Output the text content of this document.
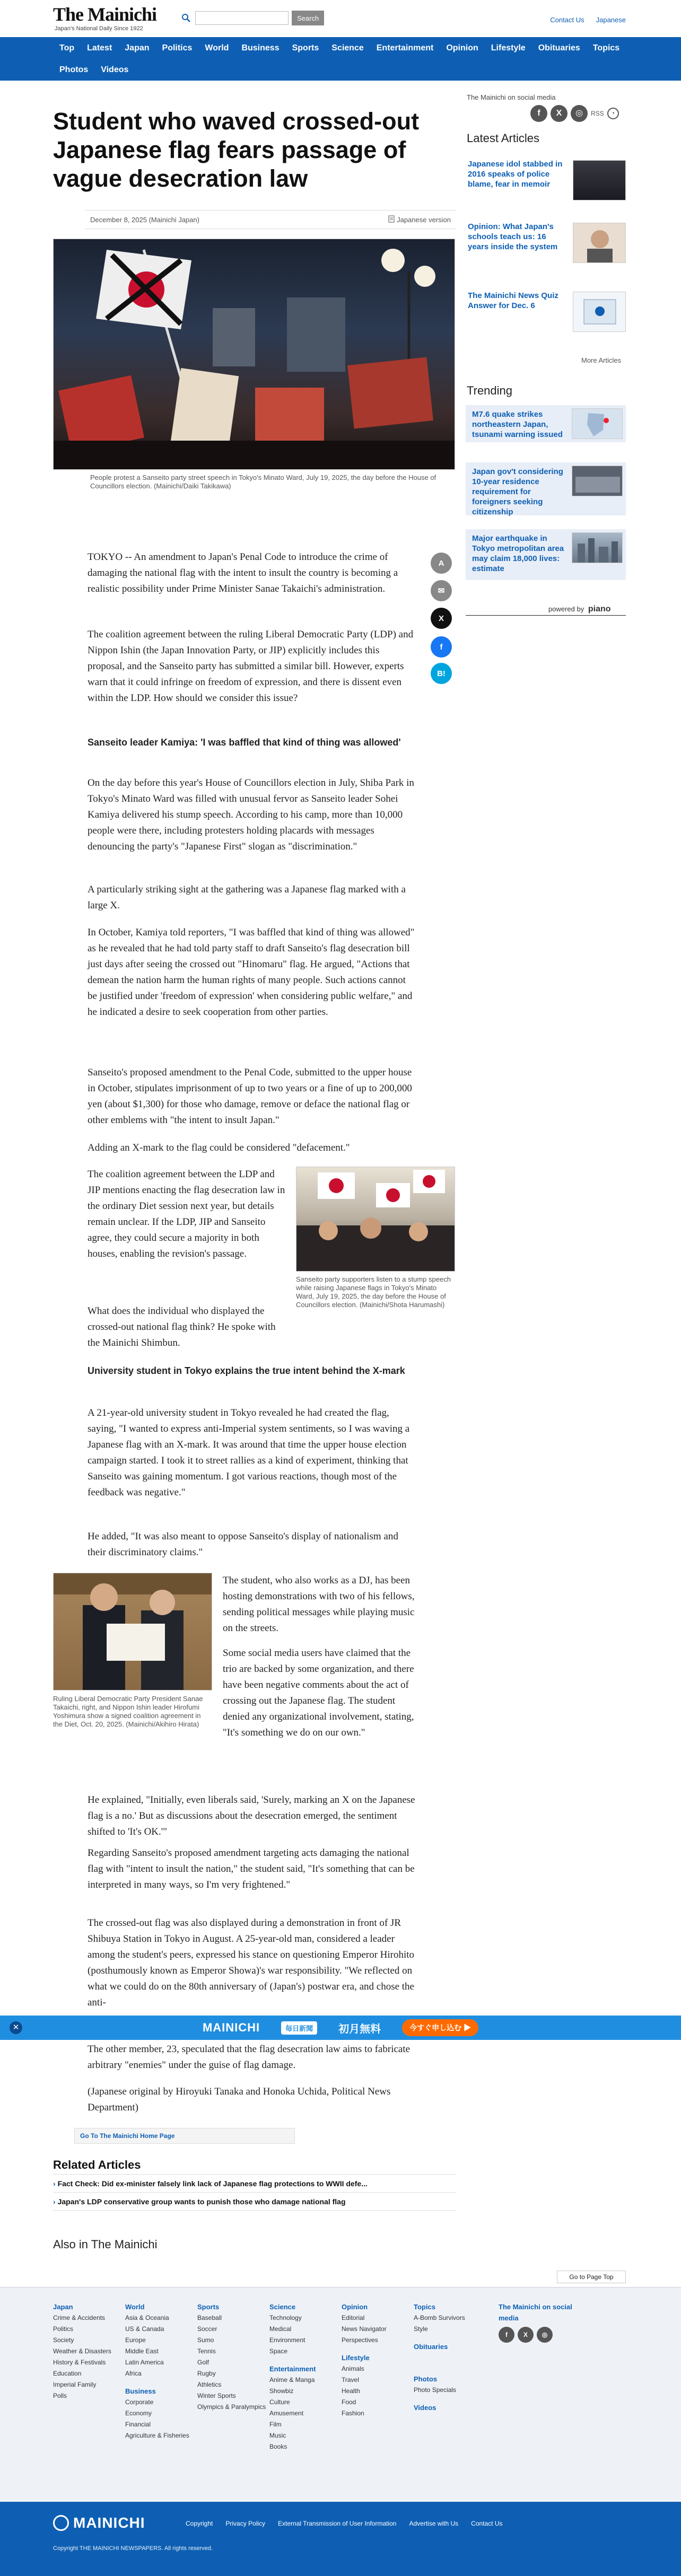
The Mainichi
Japan's National Daily Since 1922
Search	Contact Us Japanese
Top	Latest	Japan	Politics	World	Business	Sports	Science	Entertainment	Opinion	Lifestyle	Obituaries	Topics
Photos	Videos
Student who waved crossed-out Japanese flag fears passage of vague desecration law
December 8, 2025 (Mainichi Japan)	Japanese version
People protest a Sanseito party street speech in Tokyo's Minato Ward, July 19, 2025, the day before the House of Councillors election. (Mainichi/Daiki Takikawa)
A
✉
X
f
B!

TOKYO -- An amendment to Japan's Penal Code to introduce the crime of damaging the national flag with the intent to insult the country is becoming a realistic possibility under Prime Minister Sanae Takaichi's administration.

The coalition agreement between the ruling Liberal Democratic Party (LDP) and Nippon Ishin (the Japan Innovation Party, or JIP) explicitly includes this proposal, and the Sanseito party has submitted a similar bill. However, experts warn that it could infringe on freedom of expression, and there is dissent even within the LDP. How should we consider this issue?

Sanseito leader Kamiya: 'I was baffled that kind of thing was allowed'

On the day before this year's House of Councillors election in July, Shiba Park in Tokyo's Minato Ward was filled with unusual fervor as Sanseito leader Sohei Kamiya delivered his stump speech. According to his camp, more than 10,000 people were there, including protesters holding placards with messages denouncing the party's "Japanese First" slogan as "discrimination."

A particularly striking sight at the gathering was a Japanese flag marked with a large X.

In October, Kamiya told reporters, "I was baffled that kind of thing was allowed" as he revealed that he had told party staff to draft Sanseito's flag desecration bill just days after seeing the crossed out "Hinomaru" flag. He argued, "Actions that demean the nation harm the human rights of many people. Such actions cannot be justified under 'freedom of expression' when considering public welfare," and he indicated a desire to seek cooperation from other parties.

Sanseito's proposed amendment to the Penal Code, submitted to the upper house in October, stipulates imprisonment of up to two years or a fine of up to 200,000 yen (about $1,300) for those who damage, remove or deface the national flag or other emblems with "the intent to insult Japan."

Adding an X-mark to the flag could be considered "defacement."

The coalition agreement between the LDP and JIP mentions enacting the flag desecration law in the ordinary Diet session next year, but details remain unclear. If the LDP, JIP and Sanseito agree, they could secure a majority in both houses, enabling the revision's passage.

Sanseito party supporters listen to a stump speech while raising Japanese flags in Tokyo's Minato Ward, July 19, 2025, the day before the House of Councillors election. (Mainichi/Shota Harumashi)

What does the individual who displayed the crossed-out national flag think? He spoke with the Mainichi Shimbun.

University student in Tokyo explains the true intent behind the X-mark

A 21-year-old university student in Tokyo revealed he had created the flag, saying, "I wanted to express anti-Imperial system sentiments, so I was waving a Japanese flag with an X-mark. It was around that time the upper house election campaign started. I took it to street rallies as a kind of experiment, thinking that Sanseito was gaining momentum. I got various reactions, though most of the feedback was negative."

He added, "It was also meant to oppose Sanseito's display of nationalism and their discriminatory claims."

Ruling Liberal Democratic Party President Sanae Takaichi, right, and Nippon Ishin leader Hirofumi Yoshimura show a signed coalition agreement in the Diet, Oct. 20, 2025. (Mainichi/Akihiro Hirata)

The student, who also works as a DJ, has been hosting demonstrations with two of his fellows, sending political messages while playing music on the streets.

Some social media users have claimed that the trio are backed by some organization, and there have been negative comments about the act of crossing out the Japanese flag. The student denied any organizational involvement, stating, "It's something we do on our own."

He explained, "Initially, even liberals said, 'Surely, marking an X on the Japanese flag is a no.' But as discussions about the desecration emerged, the sentiment shifted to 'It's OK.'"

Regarding Sanseito's proposed amendment targeting acts damaging the national flag with "intent to insult the nation," the student said, "It's something that can be interpreted in many ways, so I'm very frightened."

The crossed-out flag was also displayed during a demonstration in front of JR Shibuya Station in Tokyo in August. A 25-year-old man, considered a leader among the student's peers, expressed his stance on questioning Emperor Hirohito (posthumously known as Emperor Showa)'s war responsibility. "We reflected on what we could do on the 80th anniversary of (Japan's) postwar era, and chose the anti-

✕	MAINICHI	毎日新聞	初月無料	今すぐ申し込む ▶

The other member, 23, speculated that the flag desecration law aims to fabricate arbitrary "enemies" under the guise of flag damage.

(Japanese original by Hiroyuki Tanaka and Honoka Uchida, Political News Department)

Go To The Mainichi Home Page
Related Articles
› Fact Check: Did ex-minister falsely link lack of Japanese flag protections to WWII defe...
› Japan's LDP conservative group wants to punish those who damage national flag
Also in The Mainichi
Go to Page Top
The Mainichi on social media
f	X	◎	RSS	◔
Latest Articles
Japanese idol stabbed in 2016 speaks of police blame, fear in memoir
Opinion: What Japan's schools teach us: 16 years inside the system
The Mainichi News Quiz Answer for Dec. 6
More Articles
Trending
M7.6 quake strikes northeastern Japan, tsunami warning issued
Japan gov't considering 10-year residence requirement for foreigners seeking citizenship
Major earthquake in Tokyo metropolitan area may claim 18,000 lives: estimate
powered by piano
Japan
Crime & Accidents
Politics
Society
Weather & Disasters
History & Festivals
Education
Imperial Family
Polls
World
Asia & Oceania
US & Canada
Europe
Middle East
Latin America
Africa
Business
Corporate
Economy
Financial
Agriculture & Fisheries
Sports
Baseball
Soccer
Sumo
Tennis
Golf
Rugby
Athletics
Winter Sports
Olympics & Paralympics
Science
Technology
Medical
Environment
Space
Entertainment
Anime & Manga
Showbiz
Culture
Amusement
Film
Music
Books
Opinion
Editorial
News Navigator
Perspectives
Lifestyle
Animals
Travel
Health
Food
Fashion
Topics
A-Bomb Survivors
Style
Obituaries
Photos
Photo Specials
Videos
The Mainichi on social media
f	X	◎
MAINICHI	Copyright Privacy Policy External Transmission of User Information Advertise with Us Contact Us
Copyright THE MAINICHI NEWSPAPERS. All rights reserved.
